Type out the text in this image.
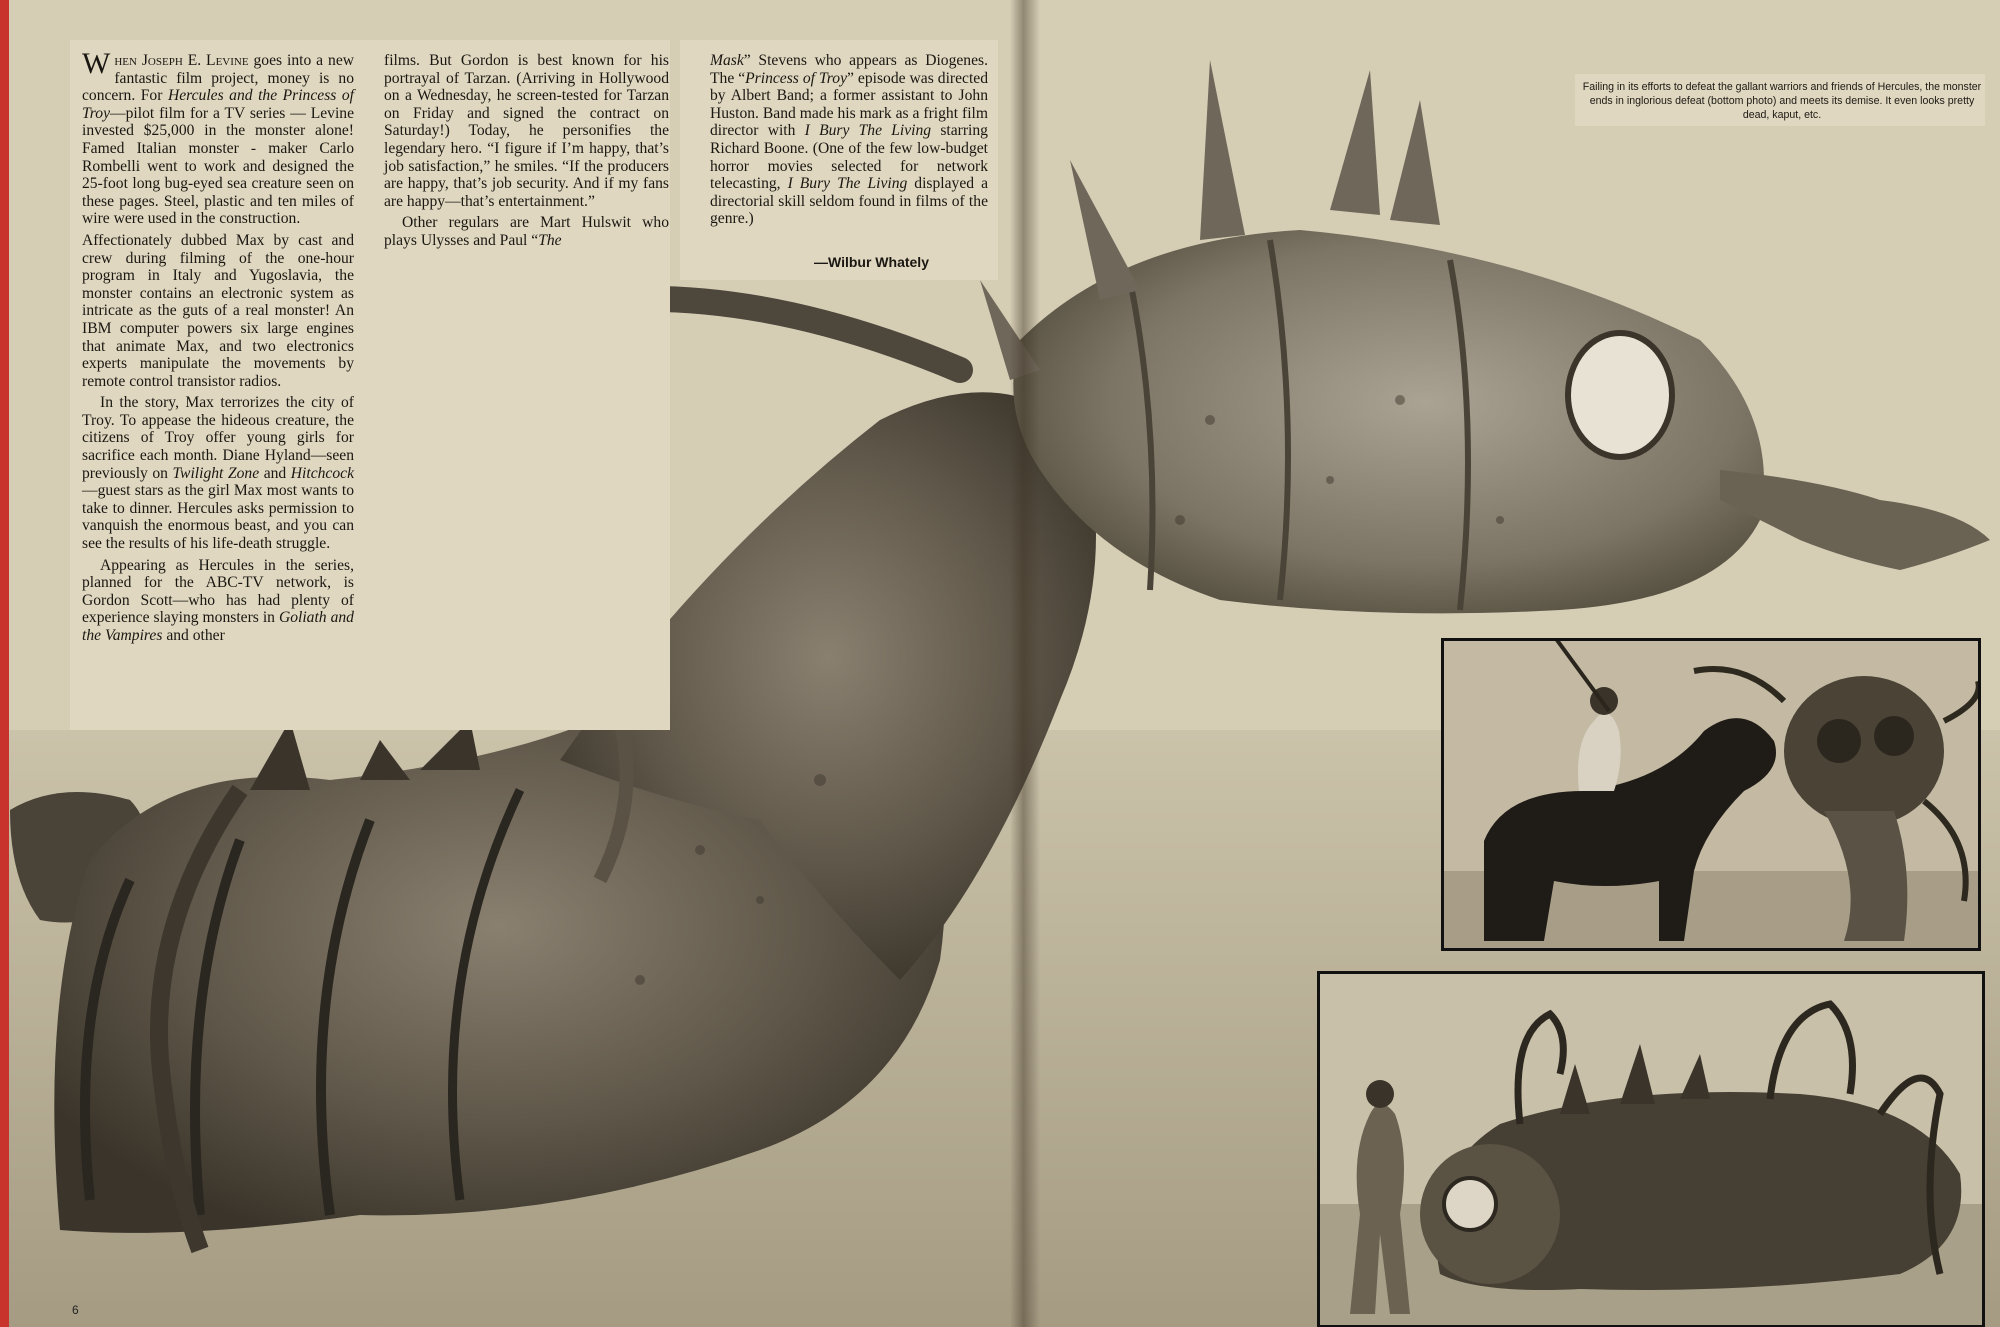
When Joseph E. Levine goes into a new fantastic film project, money is no concern. For Hercules and the Princess of Troy—pilot film for a TV series — Levine invested $25,000 in the monster alone! Famed Italian monster - maker Carlo Rombelli went to work and designed the 25-foot long bug-eyed sea creature seen on these pages. Steel, plastic and ten miles of wire were used in the construction.

Affectionately dubbed Max by cast and crew during filming of the one-hour program in Italy and Yugoslavia, the monster contains an electronic system as intricate as the guts of a real monster! An IBM computer powers six large engines that animate Max, and two electronics experts manipulate the movements by remote control transistor radios.

In the story, Max terrorizes the city of Troy. To appease the hideous creature, the citizens of Troy offer young girls for sacrifice each month. Diane Hyland—seen previously on Twilight Zone and Hitchcock—guest stars as the girl Max most wants to take to dinner. Hercules asks permission to vanquish the enormous beast, and you can see the results of his life-death struggle.

Appearing as Hercules in the series, planned for the ABC-TV network, is Gordon Scott—who has had plenty of experience slaying monsters in Goliath and the Vampires and other

films. But Gordon is best known for his portrayal of Tarzan. (Arriving in Hollywood on a Wednesday, he screen-tested for Tarzan on Friday and signed the contract on Saturday!) Today, he personifies the legendary hero. “I figure if I’m happy, that’s job satisfaction,” he smiles. “If the producers are happy, that’s job security. And if my fans are happy—that’s entertainment.”

Other regulars are Mart Hulswit who plays Ulysses and Paul “The

Mask” Stevens who appears as Diogenes. The “Princess of Troy” episode was directed by Albert Band; a former assistant to John Huston. Band made his mark as a fright film director with I Bury The Living starring Richard Boone. (One of the few low-budget horror movies selected for network telecasting, I Bury The Living displayed a directorial skill seldom found in films of the genre.)

—Wilbur Whately
Failing in its efforts to defeat the gallant warriors and friends of Hercules, the monster ends in inglorious defeat (bottom photo) and meets its demise. It even looks pretty dead, kaput, etc.
6
